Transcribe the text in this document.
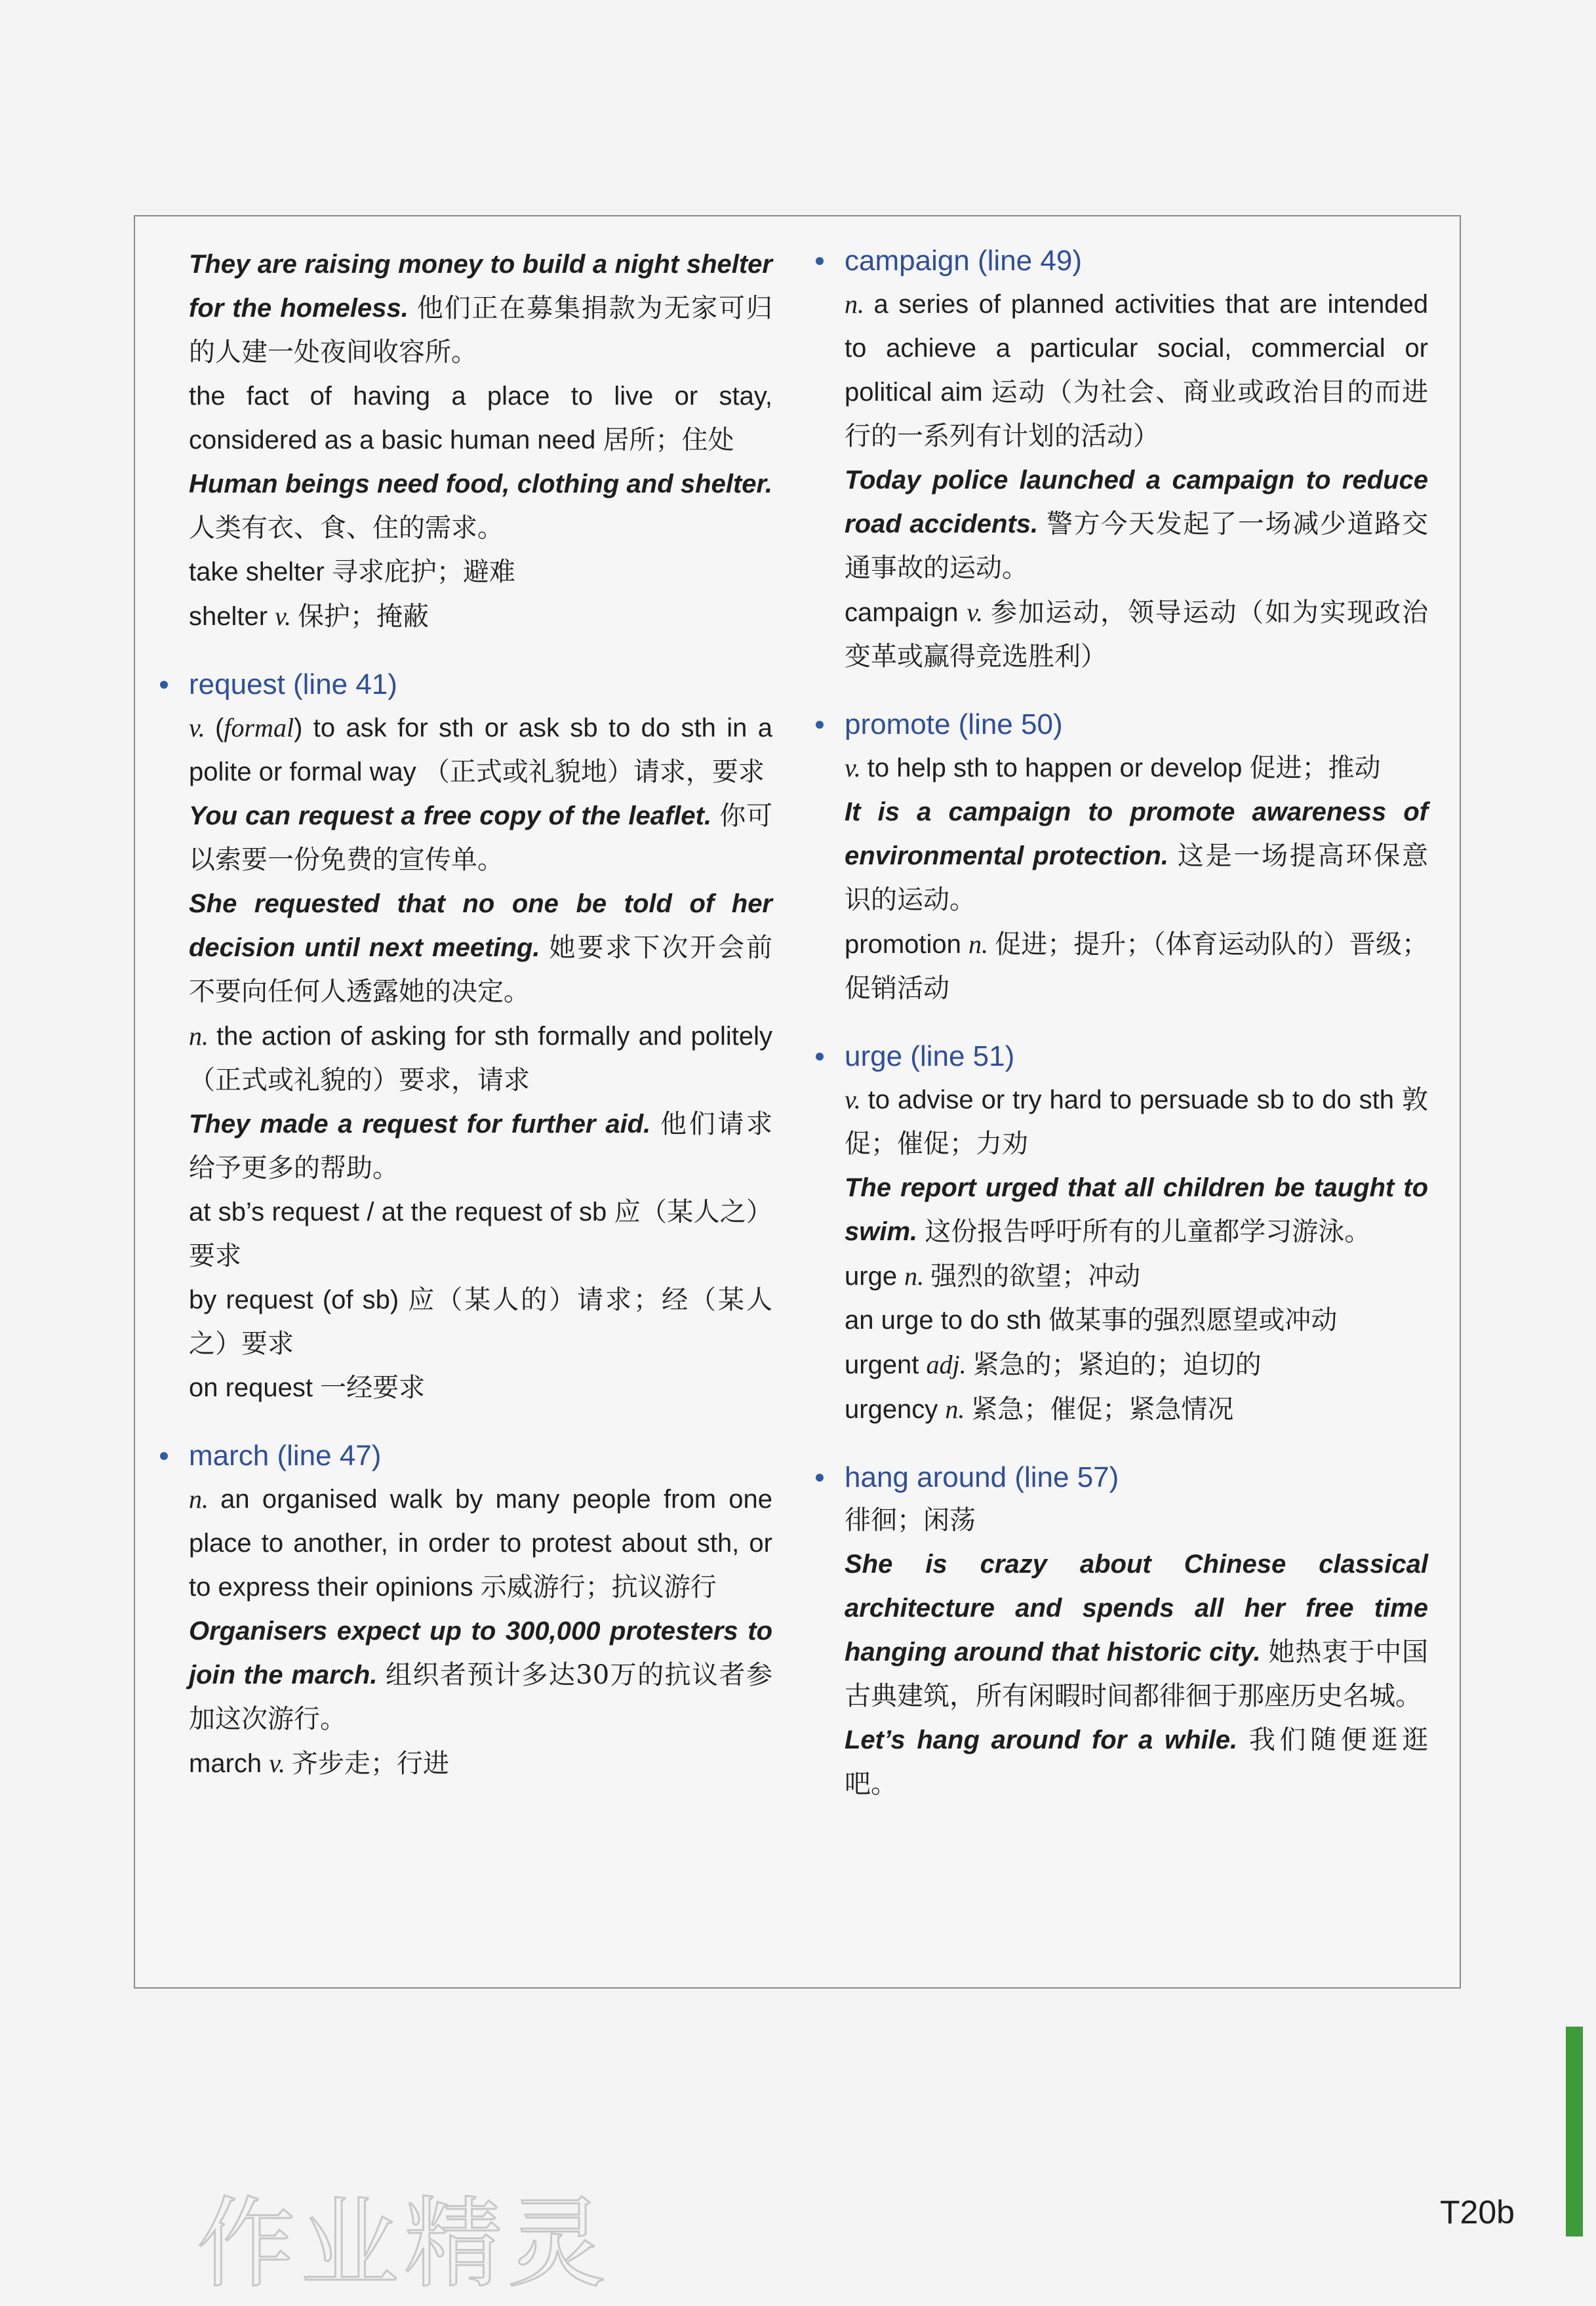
They are raising money to build a night shelter for the homeless. 他们正在募集捐款为无家可归的人建一处夜间收容所。

the fact of having a place to live or stay, considered as a basic human need 居所；住处

Human beings need food, clothing and shelter. 人类有衣、食、住的需求。

take shelter 寻求庇护；避难

shelter v. 保护；掩蔽

request (line 41)

v. (formal) to ask for sth or ask sb to do sth in a polite or formal way （正式或礼貌地）请求，要求

You can request a free copy of the leaflet. 你可以索要一份免费的宣传单。

She requested that no one be told of her decision until next meeting. 她要求下次开会前不要向任何人透露她的决定。

n. the action of asking for sth formally and politely （正式或礼貌的）要求，请求

They made a request for further aid. 他们请求给予更多的帮助。

at sb’s request / at the request of sb 应（某人之）要求

by request (of sb) 应（某人的）请求；经（某人之）要求

on request 一经要求

march (line 47)

n. an organised walk by many people from one place to another, in order to protest about sth, or to express their opinions 示威游行；抗议游行

Organisers expect up to 300,000 protesters to join the march. 组织者预计多达30万的抗议者参加这次游行。

march v. 齐步走；行进

campaign (line 49)

n. a series of planned activities that are intended to achieve a particular social, commercial or political aim 运动（为社会、商业或政治目的而进行的一系列有计划的活动）

Today police launched a campaign to reduce road accidents. 警方今天发起了一场减少道路交通事故的运动。

campaign v. 参加运动，领导运动（如为实现政治变革或赢得竞选胜利）

promote (line 50)

v. to help sth to happen or develop 促进；推动

It is a campaign to promote awareness of environmental protection. 这是一场提高环保意识的运动。

promotion n. 促进；提升；（体育运动队的）晋级；促销活动

urge (line 51)

v. to advise or try hard to persuade sb to do sth 敦促；催促；力劝

The report urged that all children be taught to swim. 这份报告呼吁所有的儿童都学习游泳。

urge n. 强烈的欲望；冲动

an urge to do sth 做某事的强烈愿望或冲动

urgent adj. 紧急的；紧迫的；迫切的

urgency n. 紧急；催促；紧急情况

hang around (line 57)

徘徊；闲荡

She is crazy about Chinese classical architecture and spends all her free time hanging around that historic city. 她热衷于中国古典建筑，所有闲暇时间都徘徊于那座历史名城。

Let’s hang around for a while. 我们随便逛逛吧。

作业精灵	T20b
